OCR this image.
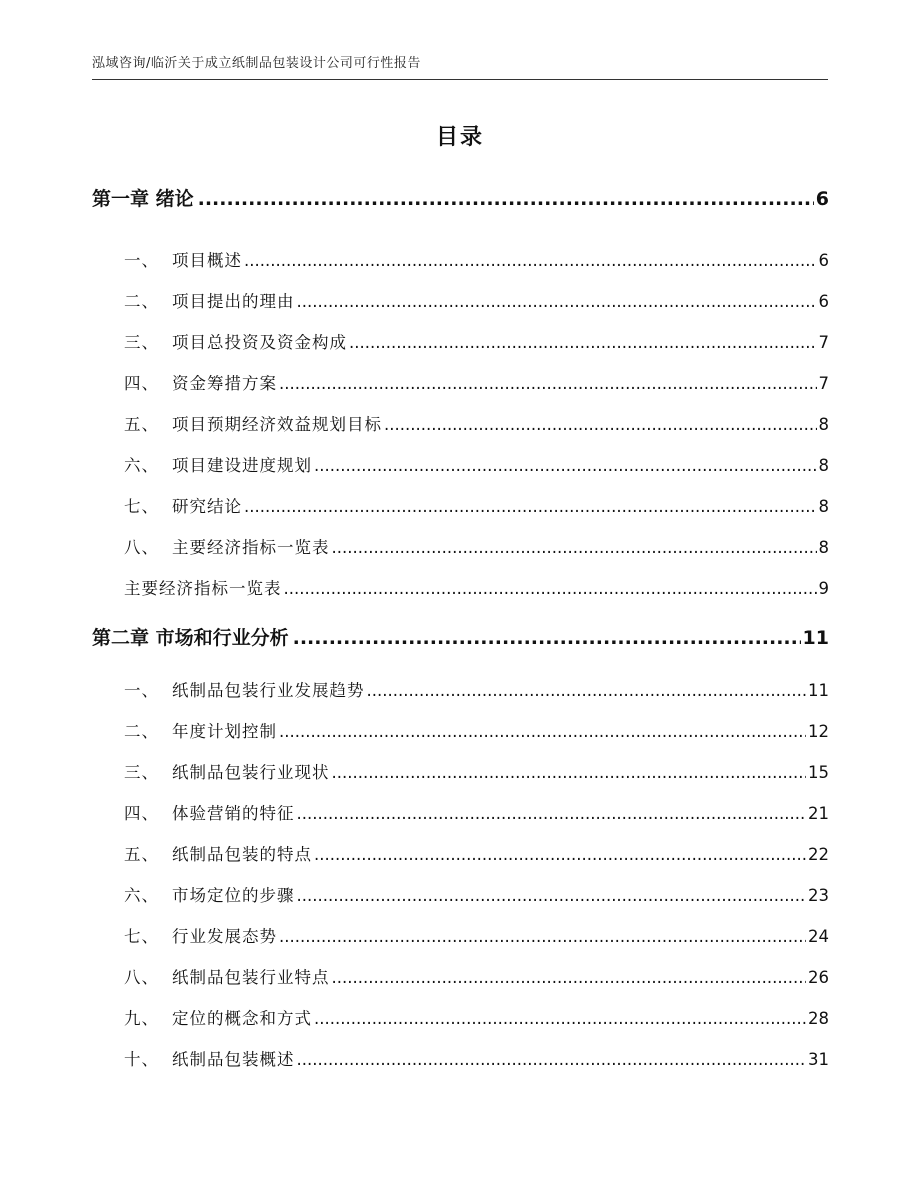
泓域咨询/临沂关于成立纸制品包装设计公司可行性报告
目录
第一章 绪论 .....	6
一、 项目概述 .....	6
二、 项目提出的理由 .....	6
三、 项目总投资及资金构成 .....	7
四、 资金筹措方案 .....	7
五、 项目预期经济效益规划目标 .....	8
六、 项目建设进度规划 .....	8
七、 研究结论 .....	8
八、 主要经济指标一览表 .....	8
主要经济指标一览表 .....	9
第二章 市场和行业分析 .....	11
一、 纸制品包装行业发展趋势 .....	11
二、 年度计划控制 .....	12
三、 纸制品包装行业现状 .....	15
四、 体验营销的特征 .....	21
五、 纸制品包装的特点 .....	22
六、 市场定位的步骤 .....	23
七、 行业发展态势 .....	24
八、 纸制品包装行业特点 .....	26
九、 定位的概念和方式 .....	28
十、 纸制品包装概述 .....	31
